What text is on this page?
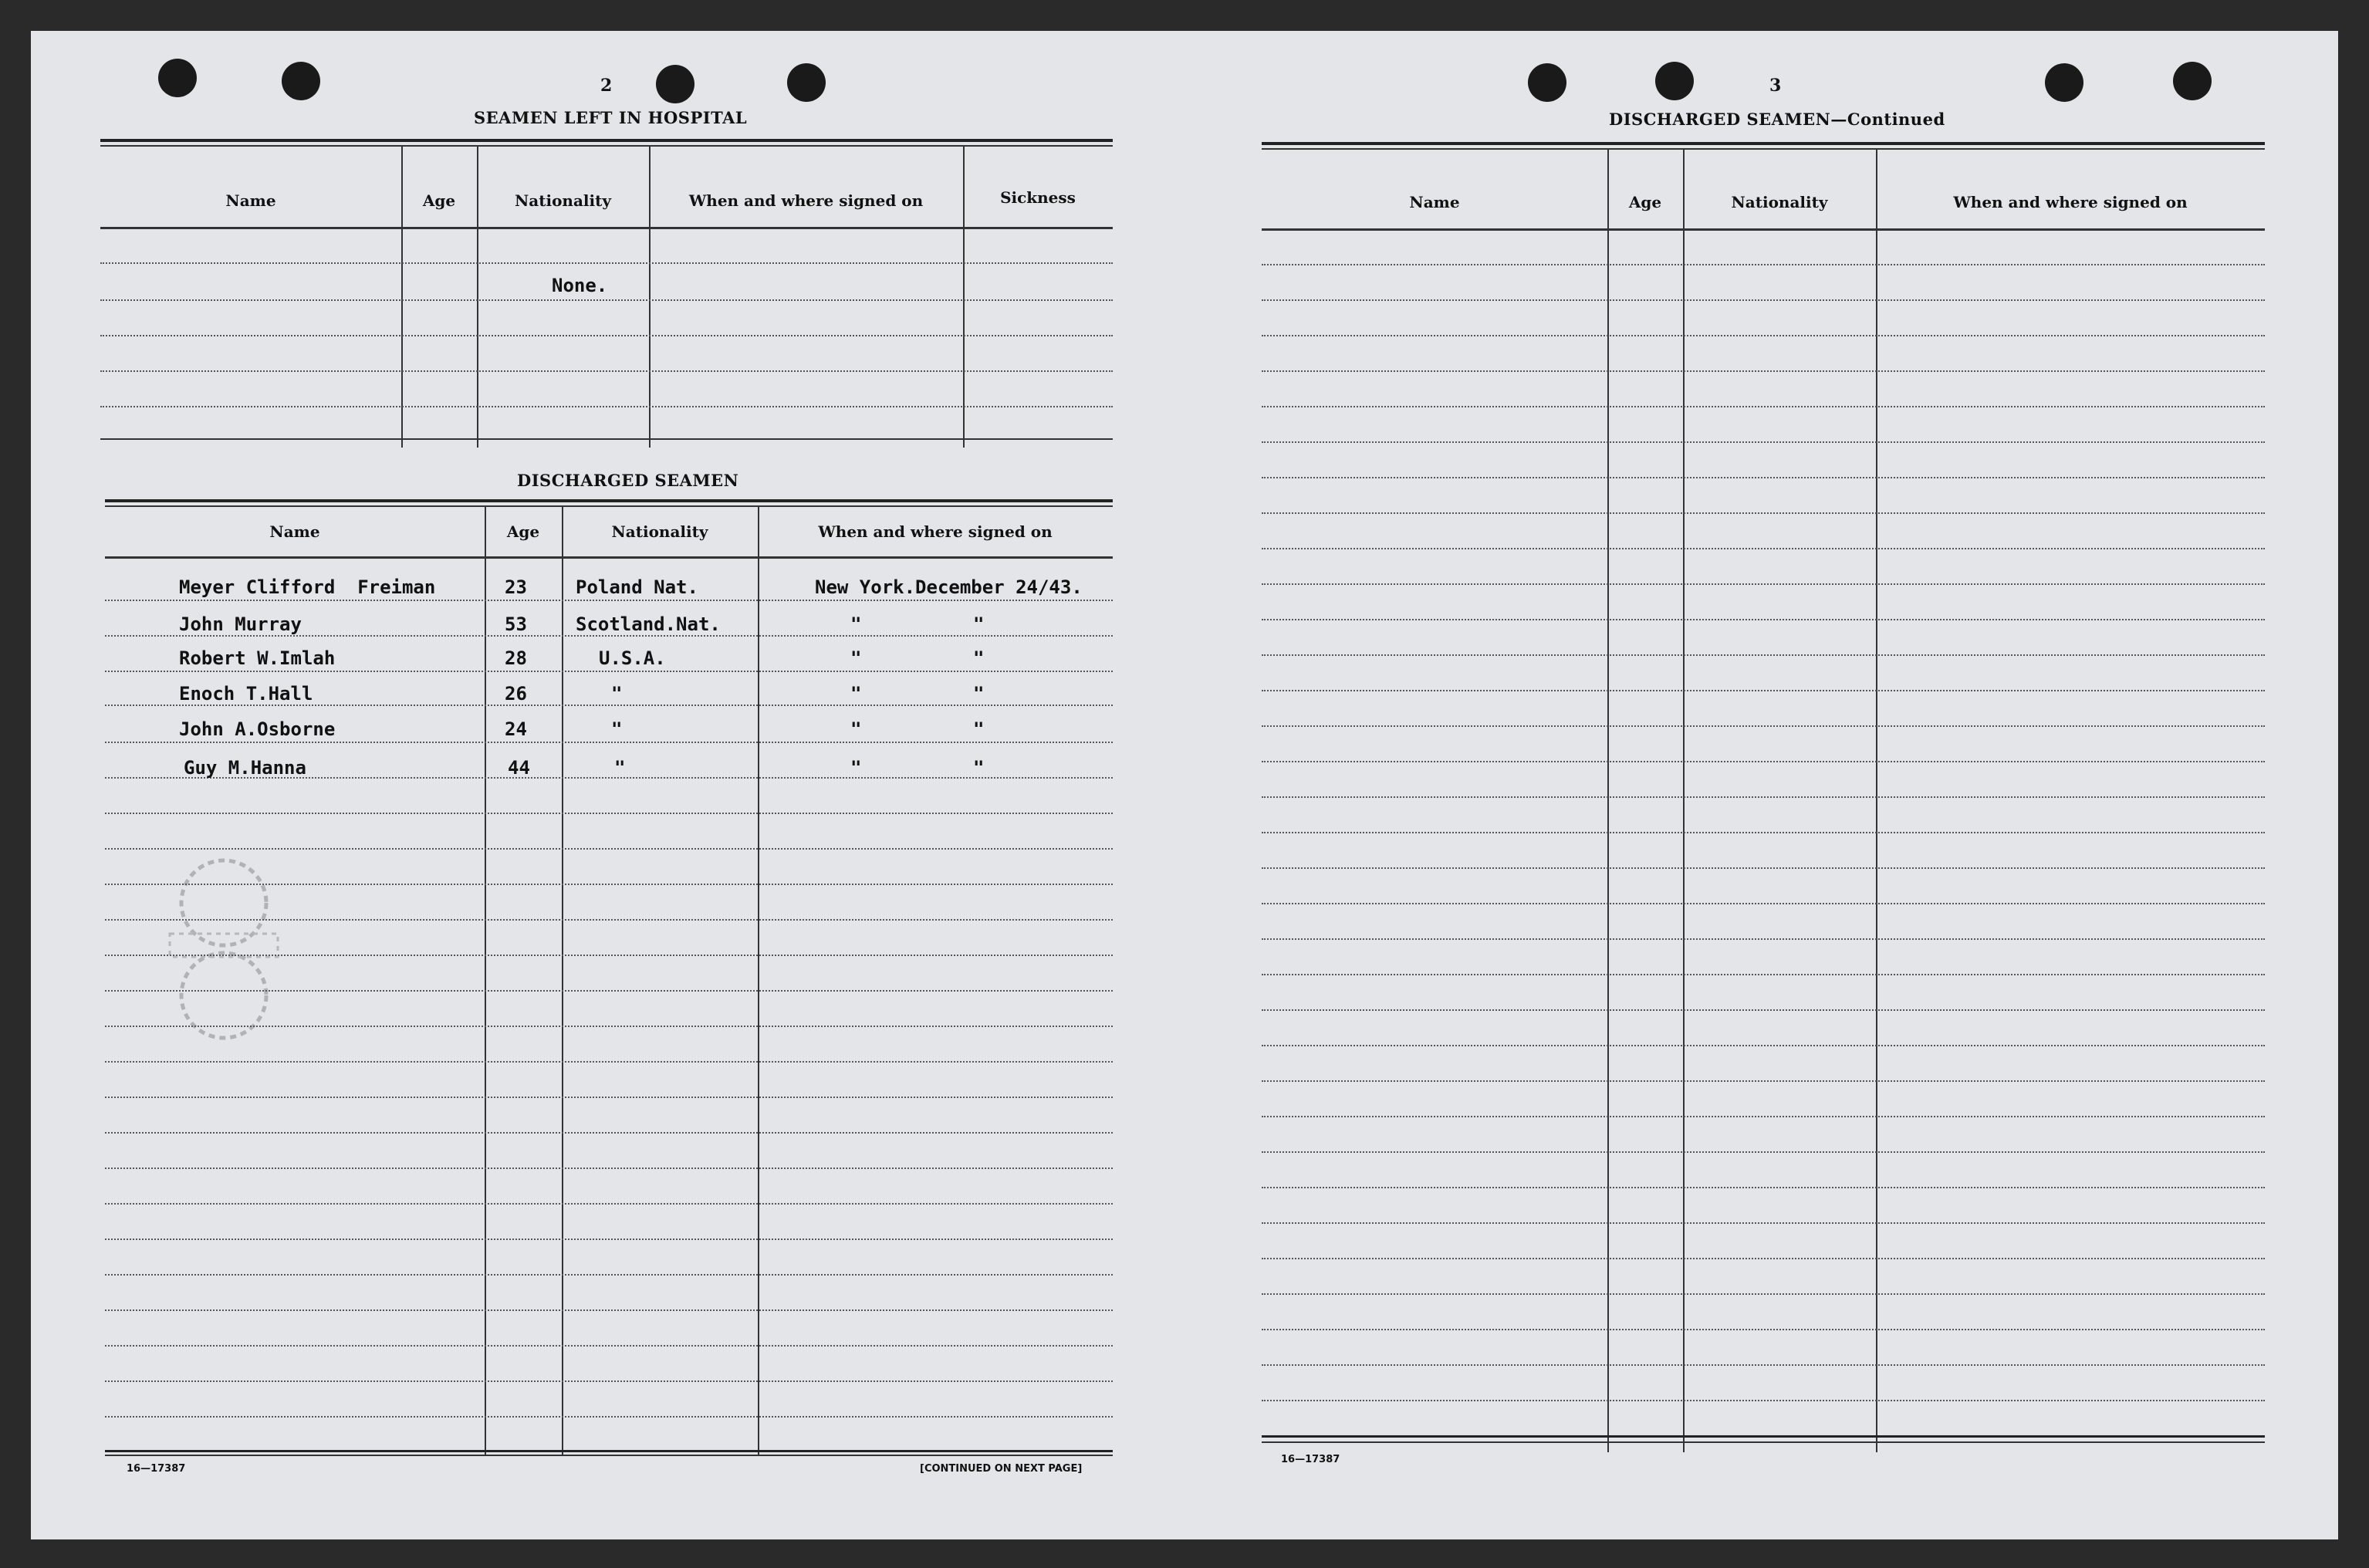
2
SEAMEN LEFT IN HOSPITAL
Name	Age	Nationality	When and where signed on	Sickness
None.
DISCHARGED SEAMEN
Name	Age	Nationality	When and where signed on
Meyer Clifford  Freiman	23	Poland Nat.	New York.December 24/43.
John Murray	53	Scotland.Nat.	"          "
Robert W.Imlah	28	U.S.A.	"          "
Enoch T.Hall	26	"	"          "
John A.Osborne	24	"	"          "
Guy M.Hanna	44	"	"          "
16—17387	[CONTINUED ON NEXT PAGE]
3
DISCHARGED SEAMEN—Continued
Name	Age	Nationality	When and where signed on
16—17387
